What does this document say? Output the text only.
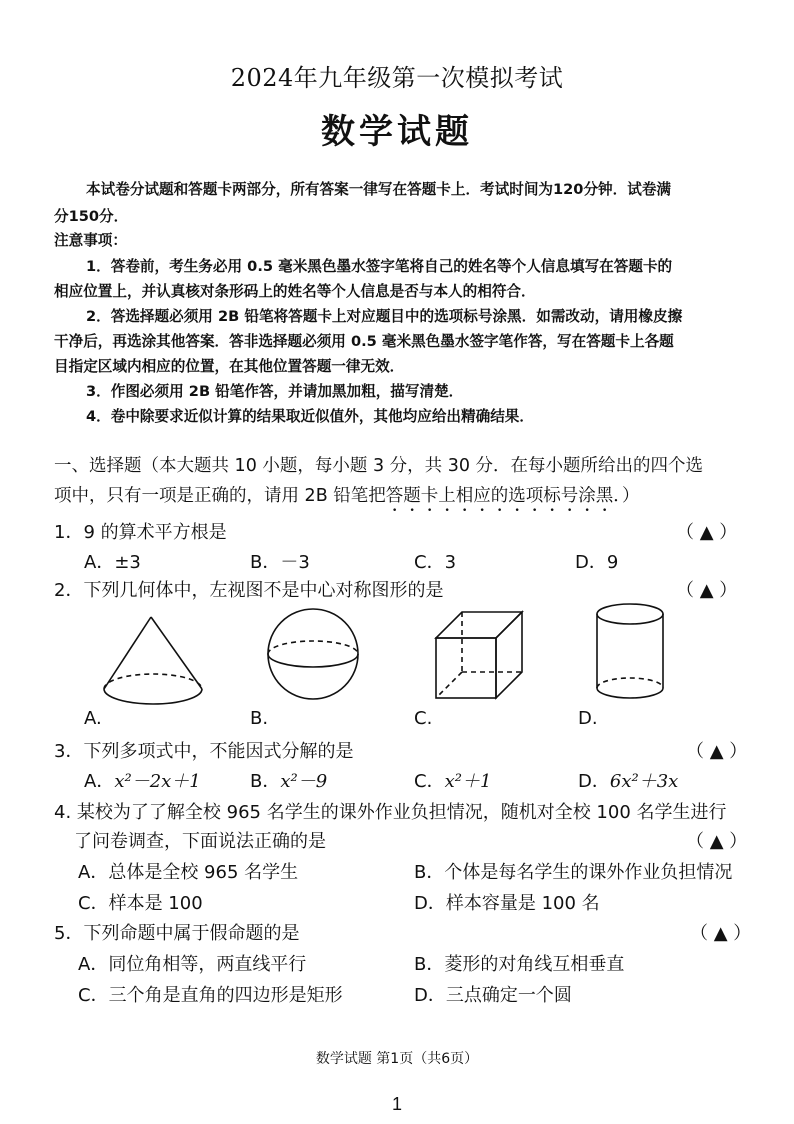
2024年九年级第一次模拟考试
数学试题
本试卷分试题和答题卡两部分，所有答案一律写在答题卡上．考试时间为120分钟．试卷满
分150分．
注意事项：
1．答卷前，考生务必用 0.5 毫米黑色墨水签字笔将自己的姓名等个人信息填写在答题卡的
相应位置上，并认真核对条形码上的姓名等个人信息是否与本人的相符合．
2．答选择题必须用 2B 铅笔将答题卡上对应题目中的选项标号涂黑．如需改动，请用橡皮擦
干净后，再选涂其他答案．答非选择题必须用 0.5 毫米黑色墨水签字笔作答，写在答题卡上各题
目指定区域内相应的位置，在其他位置答题一律无效．
3．作图必须用 2B 铅笔作答，并请加黑加粗，描写清楚．
4．卷中除要求近似计算的结果取近似值外，其他均应给出精确结果．
一、选择题（本大题共 10 小题，每小题 3 分，共 30 分．在每小题所给出的四个选
项中，只有一项是正确的，请用 2B 铅笔把答题卡上相应的选项标号涂黑．）
1．9 的算术平方根是	（ ▲ ）
A．±3	B．－3	C．3	D．9
2．下列几何体中，左视图不是中心对称图形的是	（ ▲ ）
A.	B.	C.	D.
3．下列多项式中，不能因式分解的是	（ ▲ ）
A．x²－2x＋1	B．x²－9	C．x²＋1	D．6x²＋3x
4. 某校为了了解全校 965 名学生的课外作业负担情况，随机对全校 100 名学生进行
了问卷调查，下面说法正确的是	（ ▲ ）
A．总体是全校 965 名学生	B．个体是每名学生的课外作业负担情况
C．样本是 100	D．样本容量是 100 名
5．下列命题中属于假命题的是	（ ▲ ）
A．同位角相等，两直线平行	B．菱形的对角线互相垂直
C．三个角是直角的四边形是矩形	D．三点确定一个圆
数学试题 第1页（共6页）
1
